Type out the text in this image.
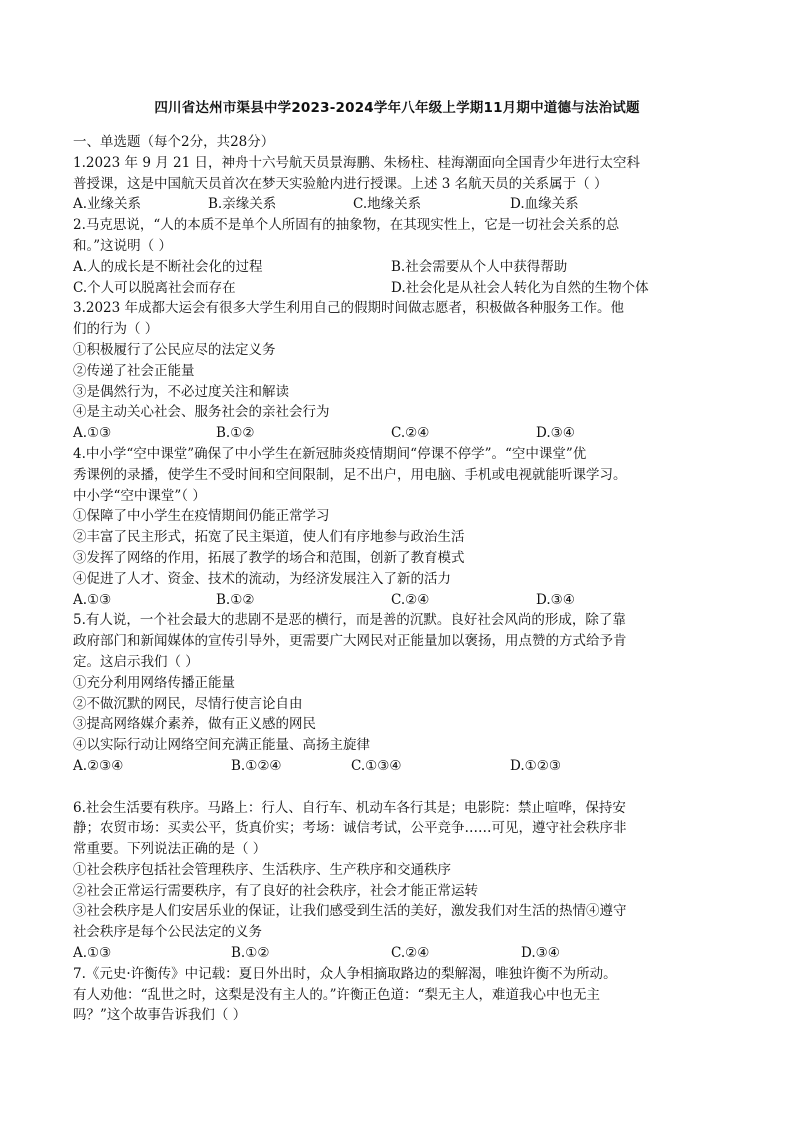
四川省达州市渠县中学2023-2024学年八年级上学期11月期中道德与法治试题
一、单选题（每个2分，共28分）
1.2023 年 9 月 21 日，神舟十六号航天员景海鹏、朱杨柱、桂海潮面向全国青少年进行太空科
普授课，这是中国航天员首次在梦天实验舱内进行授课。上述 3 名航天员的关系属于（ ）
A.业缘关系	B.亲缘关系	C.地缘关系	D.血缘关系
2.马克思说，“人的本质不是单个人所固有的抽象物，在其现实性上，它是一切社会关系的总
和。”这说明（ ）
A.人的成长是不断社会化的过程	B.社会需要从个人中获得帮助
C.个人可以脱离社会而存在	D.社会化是从社会人转化为自然的生物个体
3.2023 年成都大运会有很多大学生利用自己的假期时间做志愿者，积极做各种服务工作。他
们的行为（ ）
①积极履行了公民应尽的法定义务
②传递了社会正能量
③是偶然行为，不必过度关注和解读
④是主动关心社会、服务社会的亲社会行为
A.①③	B.①②	C.②④	D.③④
4.中小学“空中课堂”确保了中小学生在新冠肺炎疫情期间“停课不停学”。“空中课堂”优
秀课例的录播，使学生不受时间和空间限制，足不出户，用电脑、手机或电视就能听课学习。
中小学“空中课堂”（ ）
①保障了中小学生在疫情期间仍能正常学习
②丰富了民主形式，拓宽了民主渠道，使人们有序地参与政治生活
③发挥了网络的作用，拓展了教学的场合和范围，创新了教育模式
④促进了人才、资金、技术的流动，为经济发展注入了新的活力
A.①③	B.①②	C.②④	D.③④
5.有人说，一个社会最大的悲剧不是恶的横行，而是善的沉默。良好社会风尚的形成，除了靠
政府部门和新闻媒体的宣传引导外，更需要广大网民对正能量加以褒扬，用点赞的方式给予肯
定。这启示我们（ ）
①充分利用网络传播正能量
②不做沉默的网民，尽情行使言论自由
③提高网络媒介素养，做有正义感的网民
④以实际行动让网络空间充满正能量、高扬主旋律
A.②③④	B.①②④	C.①③④	D.①②③
6.社会生活要有秩序。马路上：行人、自行车、机动车各行其是；电影院：禁止喧哗，保持安
静；农贸市场：买卖公平，货真价实；考场：诚信考试，公平竞争……可见，遵守社会秩序非
常重要。下列说法正确的是（ ）
①社会秩序包括社会管理秩序、生活秩序、生产秩序和交通秩序
②社会正常运行需要秩序，有了良好的社会秩序，社会才能正常运转
③社会秩序是人们安居乐业的保证，让我们感受到生活的美好，激发我们对生活的热情④遵守
社会秩序是每个公民法定的义务
A.①③	B.①②	C.②④	D.③④
7.《元史·许衡传》中记载：夏日外出时，众人争相摘取路边的梨解渴，唯独许衡不为所动。
有人劝他：“乱世之时，这梨是没有主人的。”许衡正色道：“梨无主人，难道我心中也无主
吗？”这个故事告诉我们（ ）
